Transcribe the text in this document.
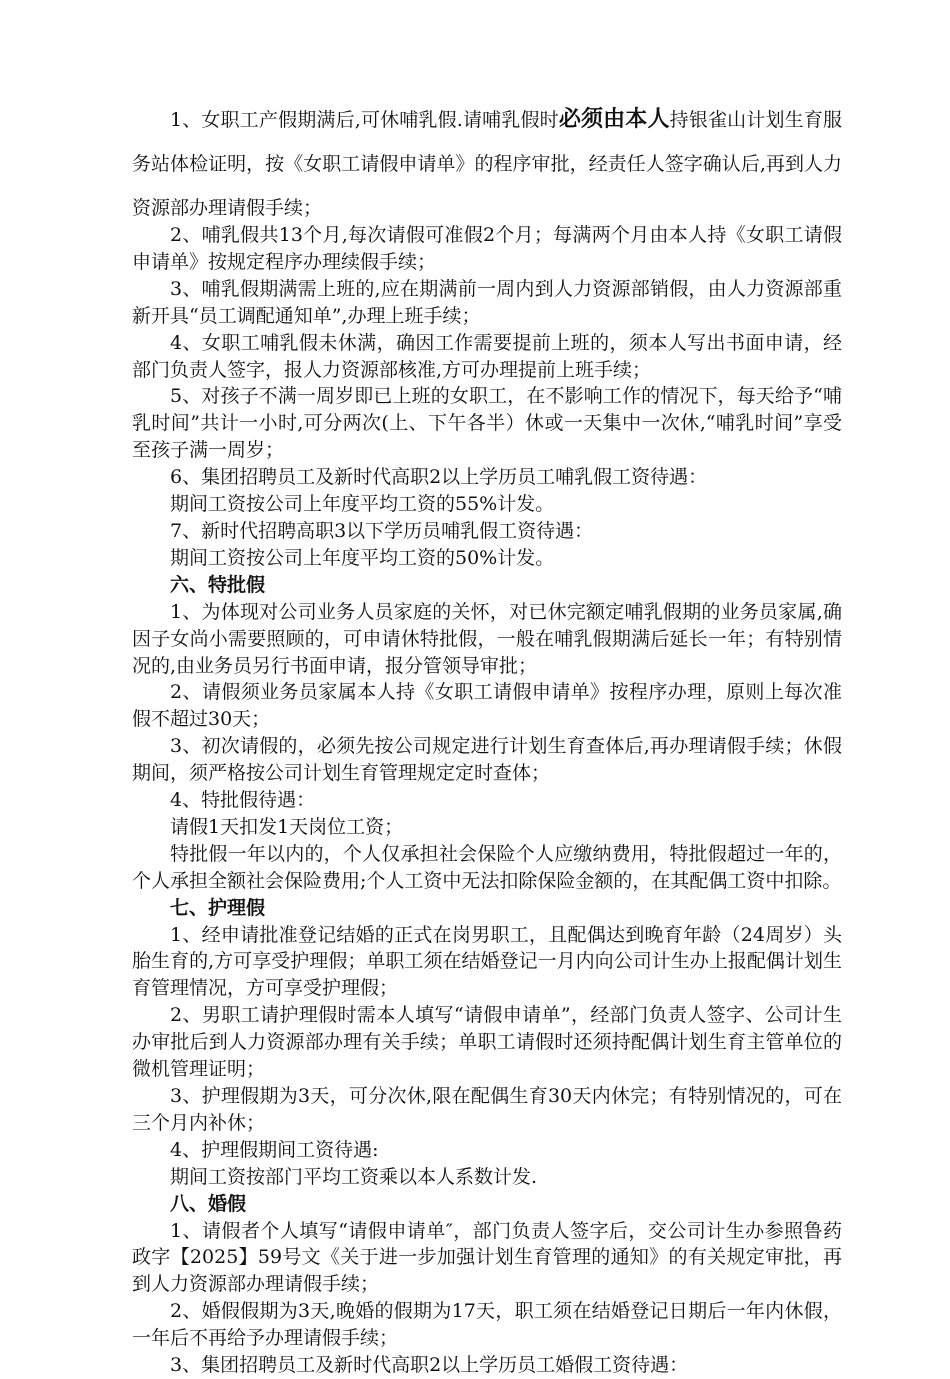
1、女职工产假期满后,可休哺乳假.请哺乳假时必须由本人持银雀山计划生育服务站体检证明，按《女职工请假申请单》的程序审批，经责任人签字确认后,再到人力资源部办理请假手续；

2、哺乳假共13个月,每次请假可准假2个月；每满两个月由本人持《女职工请假申请单》按规定程序办理续假手续；

3、哺乳假期满需上班的,应在期满前一周内到人力资源部销假，由人力资源部重新开具“员工调配通知单”,办理上班手续；

4、女职工哺乳假未休满，确因工作需要提前上班的，须本人写出书面申请，经部门负责人签字，报人力资源部核准,方可办理提前上班手续；

5、对孩子不满一周岁即已上班的女职工，在不影响工作的情况下，每天给予“哺乳时间”共计一小时,可分两次(上、下午各半）休或一天集中一次休,“哺乳时间”享受至孩子满一周岁；

6、集团招聘员工及新时代高职2以上学历员工哺乳假工资待遇：

期间工资按公司上年度平均工资的55%计发。

7、新时代招聘高职3以下学历员哺乳假工资待遇：

期间工资按公司上年度平均工资的50%计发。

六、特批假

1、为体现对公司业务人员家庭的关怀，对已休完额定哺乳假期的业务员家属,确因子女尚小需要照顾的，可申请休特批假，一般在哺乳假期满后延长一年；有特别情况的,由业务员另行书面申请，报分管领导审批；

2、请假须业务员家属本人持《女职工请假申请单》按程序办理，原则上每次准假不超过30天；

3、初次请假的，必须先按公司规定进行计划生育查体后,再办理请假手续；休假期间，须严格按公司计划生育管理规定定时查体；

4、特批假待遇：

请假1天扣发1天岗位工资；

特批假一年以内的，个人仅承担社会保险个人应缴纳费用，特批假超过一年的，个人承担全额社会保险费用;个人工资中无法扣除保险金额的，在其配偶工资中扣除。

七、护理假

1、经申请批准登记结婚的正式在岗男职工，且配偶达到晚育年龄（24周岁）头胎生育的,方可享受护理假；单职工须在结婚登记一月内向公司计生办上报配偶计划生育管理情况，方可享受护理假；

2、男职工请护理假时需本人填写“请假申请单”，经部门负责人签字、公司计生办审批后到人力资源部办理有关手续；单职工请假时还须持配偶计划生育主管单位的微机管理证明；

3、护理假期为3天，可分次休,限在配偶生育30天内休完；有特别情况的，可在三个月内补休；

4、护理假期间工资待遇:

期间工资按部门平均工资乘以本人系数计发.

八、婚假

1、请假者个人填写“请假申请单″，部门负责人签字后，交公司计生办参照鲁药政字【2025】59号文《关于进一步加强计划生育管理的通知》的有关规定审批，再到人力资源部办理请假手续；

2、婚假假期为3天,晚婚的假期为17天，职工须在结婚登记日期后一年内休假，一年后不再给予办理请假手续；

3、集团招聘员工及新时代高职2以上学历员工婚假工资待遇：
